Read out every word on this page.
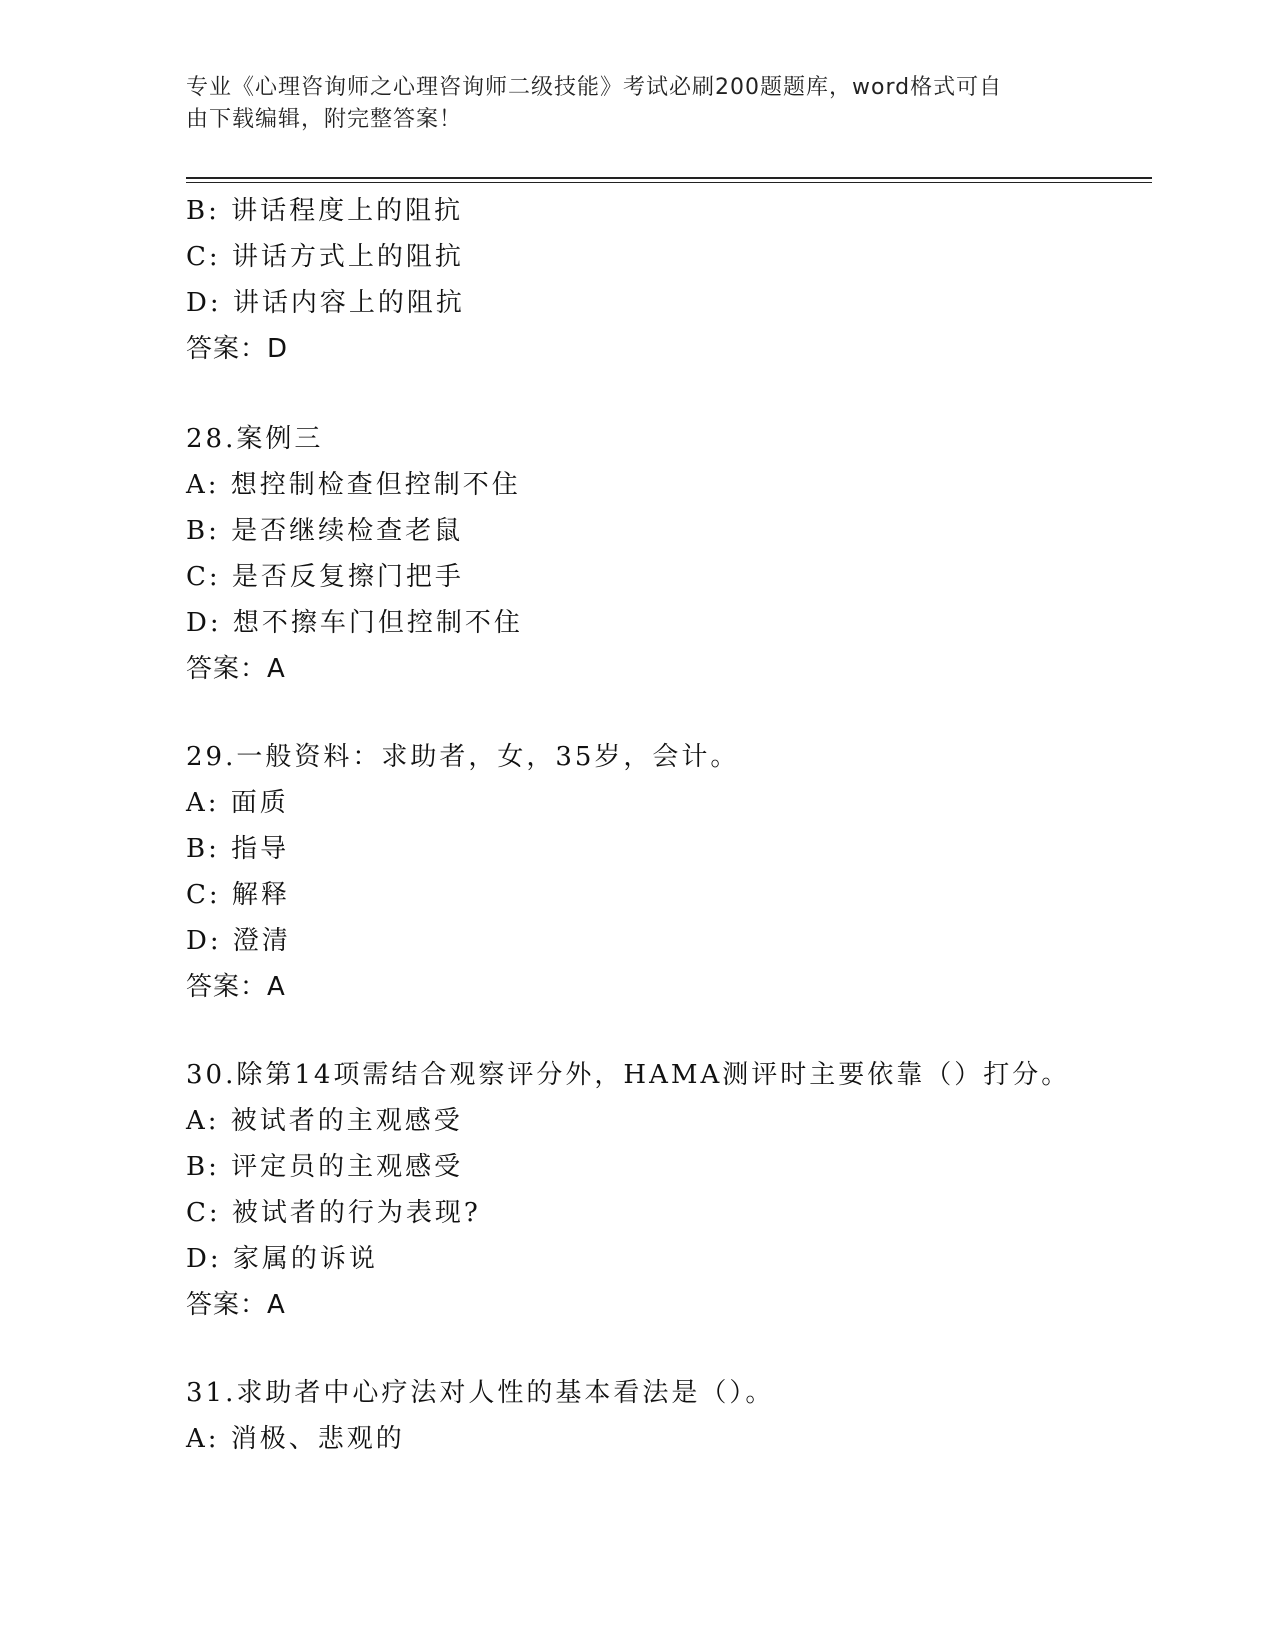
专业《心理咨询师之心理咨询师二级技能》考试必刷200题题库，word格式可自
由下载编辑，附完整答案！
B: 讲话程度上的阻抗
C: 讲话方式上的阻抗
D: 讲话内容上的阻抗
答案：D
28.案例三
A: 想控制检查但控制不住
B: 是否继续检查老鼠
C: 是否反复擦门把手
D: 想不擦车门但控制不住
答案：A
29.一般资料：求助者，女，35岁，会计。
A: 面质
B: 指导
C: 解释
D: 澄清
答案：A
30.除第14项需结合观察评分外，HAMA测评时主要依靠（）打分。
A: 被试者的主观感受
B: 评定员的主观感受
C: 被试者的行为表现?
D: 家属的诉说
答案：A
31.求助者中心疗法对人性的基本看法是（）。
A: 消极、悲观的
